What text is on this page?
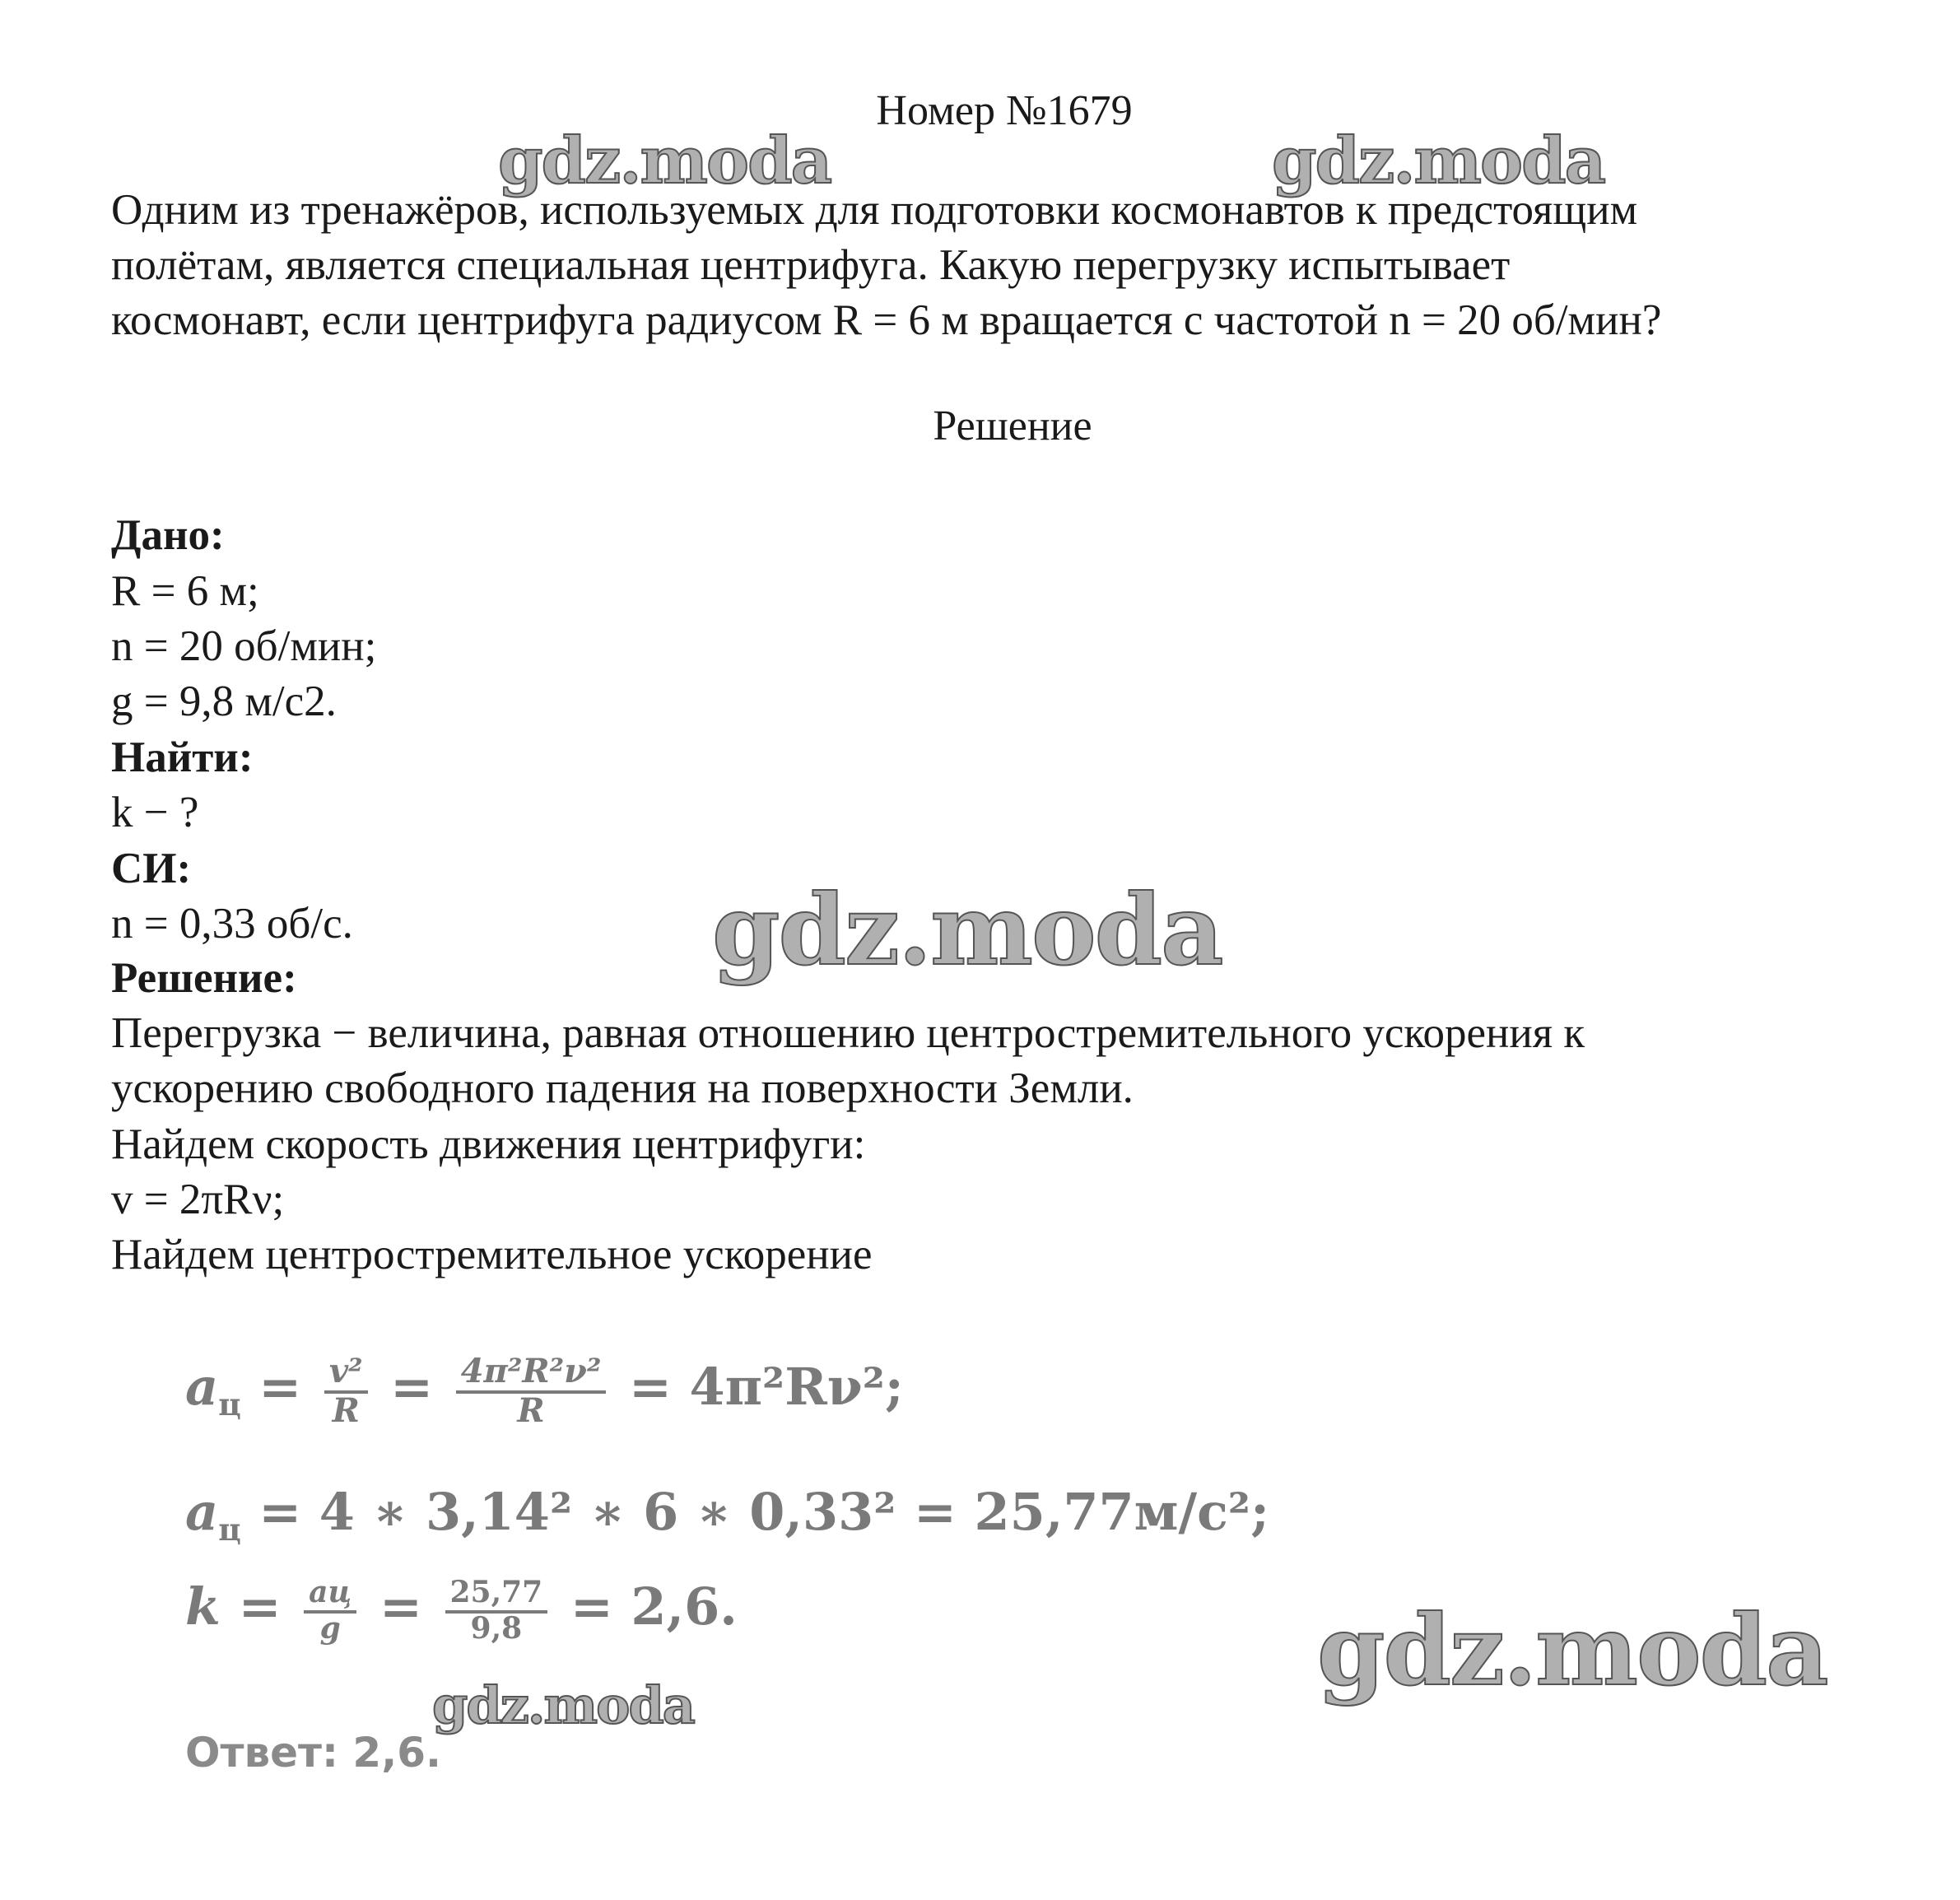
Номер №1679
gdz.moda	gdz.moda
Одним из тренажёров, используемых для подготовки космонавтов к предстоящим
полётам, является специальная центрифуга. Какую перегрузку испытывает
космонавт, если центрифуга радиусом R = 6 м вращается с частотой n = 20 об/мин?
Решение
Дано:
R = 6 м;
n = 20 об/мин;
g = 9,8 м/с2.
Найти:
k − ?
СИ:
n = 0,33 об/с.
Решение:
Перегрузка − величина, равная отношению центростремительного ускорения к
ускорению свободного падения на поверхности Земли.
Найдем скорость движения центрифуги:
v = 2πRν;
Найдем центростремительное ускорение
gdz.moda
$a_ц = \frac{\text{v²}}{R} = \frac{\text{4π²R²ν²}}{R} = 4\pi^2R\nu^2$;
$a_ц = 4$ ∗ 3,14² ∗ 6 ∗ 0,33² = 25,77м/с²;
$k = \frac{aц}{g} = \frac{25,77}{9,8} = 2,6$.
gdz.moda	gdz.moda
Ответ: 2,6.
